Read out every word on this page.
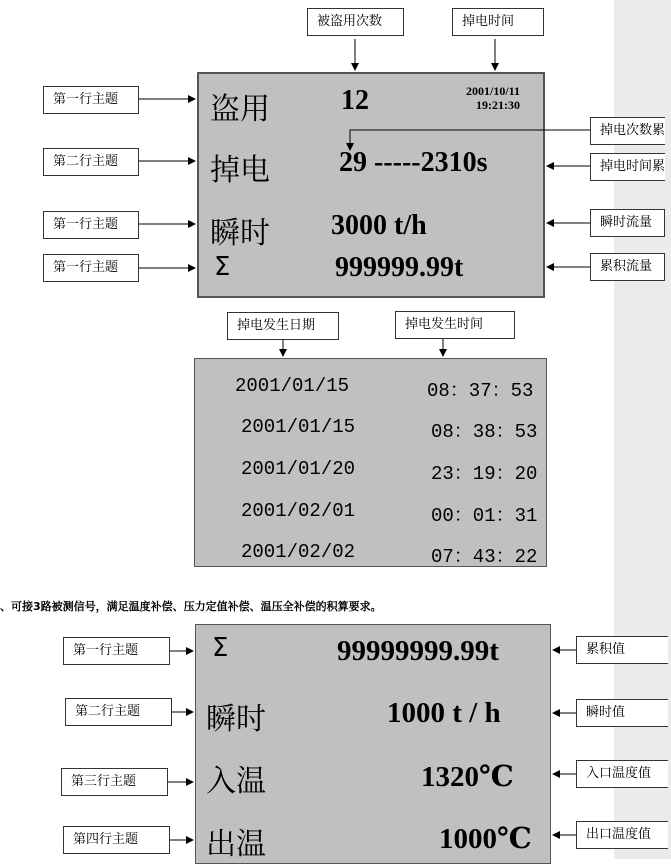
被盗用次数	掉电时间
第一行主题
第二行主题
第一行主题
第一行主题
掉电次数累
掉电时间累
瞬时流量
累积流量
盗用	12	2001/10/11
19:21:30
掉电 29 -----2310s
瞬时 3000 t/h
Σ	999999.99t
掉电发生日期	掉电发生时间
2001/01/15	08：37：53
2001/01/15	08：38：53
2001/01/20	23：19：20
2001/02/01	00：01：31
2001/02/02	07：43：22
、可接3路被测信号，满足温度补偿、压力定值补偿、温压全补偿的积算要求。
第一行主题
第二行主题
第三行主题
第四行主题
累积值
瞬时值
入口温度值
出口温度值
Σ	99999999.99t
瞬时	1000 t / h
入温	1320℃
出温	1000℃
